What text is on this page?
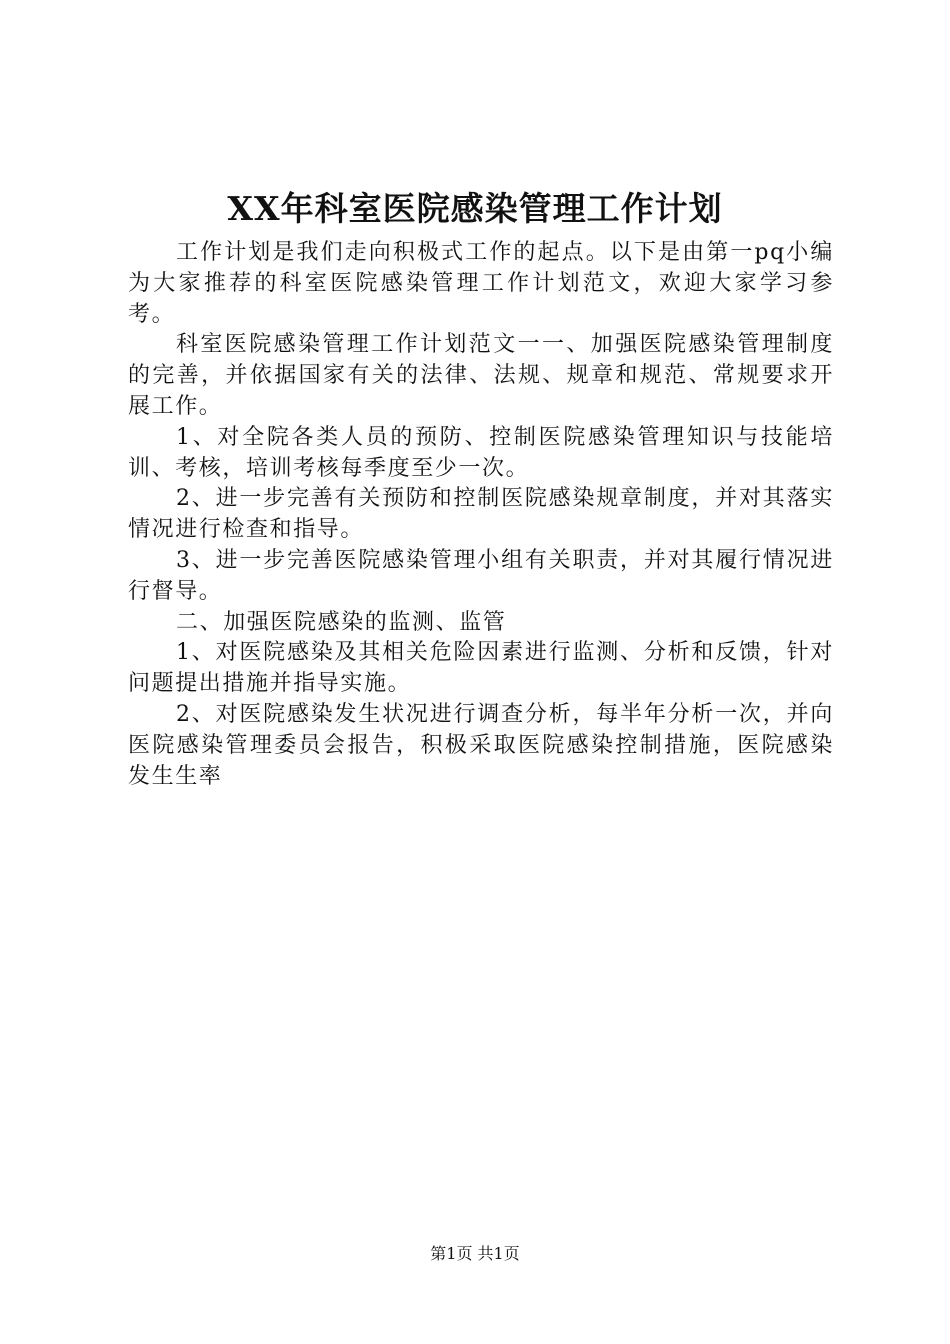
XX年科室医院感染管理工作计划

工作计划是我们走向积极式工作的起点。以下是由第一pq小编为大家推荐的科室医院感染管理工作计划范文，欢迎大家学习参考。

科室医院感染管理工作计划范文一一、加强医院感染管理制度的完善，并依据国家有关的法律、法规、规章和规范、常规要求开展工作。

1、对全院各类人员的预防、控制医院感染管理知识与技能培训、考核，培训考核每季度至少一次。

2、进一步完善有关预防和控制医院感染规章制度，并对其落实情况进行检查和指导。

3、进一步完善医院感染管理小组有关职责，并对其履行情况进行督导。

二、加强医院感染的监测、监管

1、对医院感染及其相关危险因素进行监测、分析和反馈，针对问题提出措施并指导实施。

2、对医院感染发生状况进行调查分析，每半年分析一次，并向医院感染管理委员会报告，积极采取医院感染控制措施，医院感染发生生率

第1页 共1页
